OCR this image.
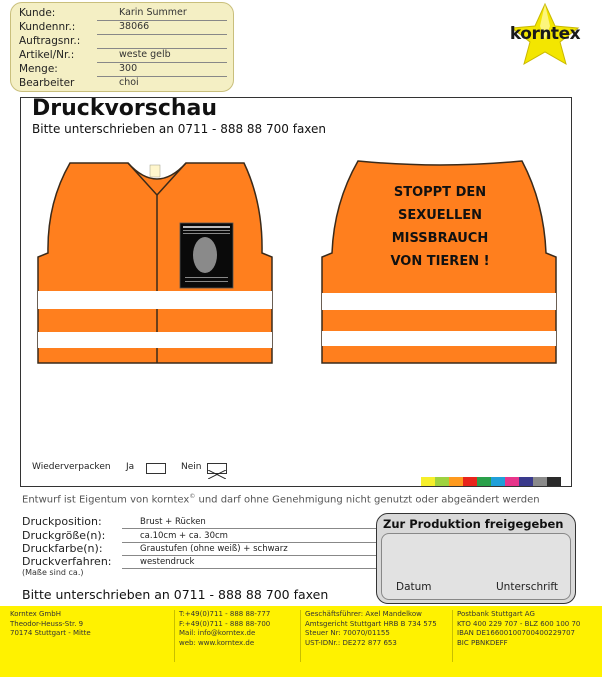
Kunde:	Karin Summer
Kundennr.:	38066
Auftragsnr.:
Artikel/Nr.:	weste gelb
Menge:	300
Bearbeiter	choi
korntex
Druckvorschau
Bitte unterschrieben an 0711 - 888 88 700 faxen
STOPPT DEN
SEXUELLEN
MISSBRAUCH
VON TIEREN !
Wiederverpacken Ja	Nein
Entwurf ist Eigentum von korntex© und darf ohne Genehmigung nicht genutzt oder abgeändert werden
Druckposition:	Brust + Rücken
Druckgröße(n):	ca.10cm + ca. 30cm
Druckfarbe(n):	Graustufen (ohne weiß) + schwarz
Druckverfahren:	westendruck
(Maße sind ca.)
Zur Produktion freigegeben
Datum	Unterschrift
Bitte unterschrieben an 0711 - 888 88 700 faxen
Korntex GmbH
Theodor-Heuss-Str. 9
70174 Stuttgart - Mitte
T:+49(0)711 - 888 88-777
F:+49(0)711 - 888 88-700
Mail: info@korntex.de
web: www.korntex.de
Geschäftsführer: Axel Mandelkow
Amtsgericht Stuttgart HRB B 734 575
Steuer Nr: 70070/01155
UST-IDNr.: DE272 877 653
Postbank Stuttgart AG
KTO 400 229 707 - BLZ 600 100 70
IBAN DE16600100700400229707
BIC PBNKDEFF
